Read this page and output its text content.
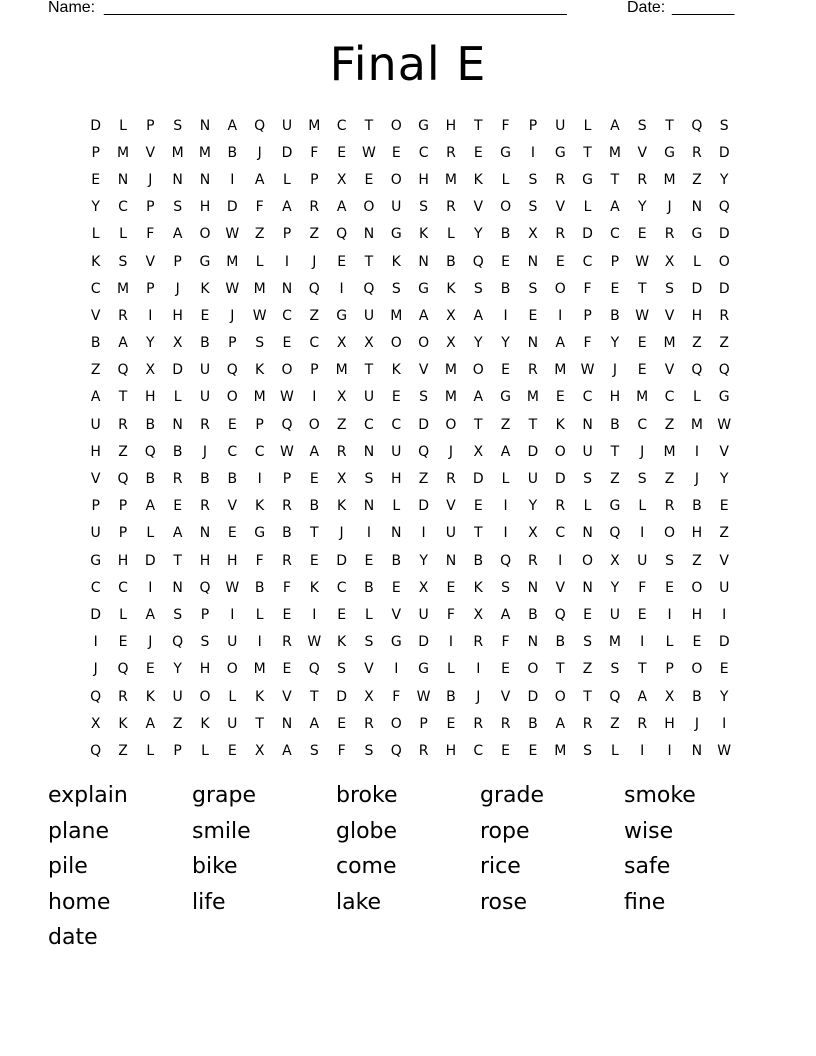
Name: ____________________________________________________	Date: _______
Final E
D	L	P	S	N	A	Q	U	M	C	T	O	G	H	T	F	P	U	L	A	S	T	Q	S
P	M	V	M	M	B	J	D	F	E	W	E	C	R	E	G	I	G	T	M	V	G	R	D
E	N	J	N	N	I	A	L	P	X	E	O	H	M	K	L	S	R	G	T	R	M	Z	Y
Y	C	P	S	H	D	F	A	R	A	O	U	S	R	V	O	S	V	L	A	Y	J	N	Q
L	L	F	A	O	W	Z	P	Z	Q	N	G	K	L	Y	B	X	R	D	C	E	R	G	D
K	S	V	P	G	M	L	I	J	E	T	K	N	B	Q	E	N	E	C	P	W	X	L	O
C	M	P	J	K	W	M	N	Q	I	Q	S	G	K	S	B	S	O	F	E	T	S	D	D
V	R	I	H	E	J	W	C	Z	G	U	M	A	X	A	I	E	I	P	B	W	V	H	R
B	A	Y	X	B	P	S	E	C	X	X	O	O	X	Y	Y	N	A	F	Y	E	M	Z	Z
Z	Q	X	D	U	Q	K	O	P	M	T	K	V	M	O	E	R	M	W	J	E	V	Q	Q
A	T	H	L	U	O	M	W	I	X	U	E	S	M	A	G	M	E	C	H	M	C	L	G
U	R	B	N	R	E	P	Q	O	Z	C	C	D	O	T	Z	T	K	N	B	C	Z	M	W
H	Z	Q	B	J	C	C	W	A	R	N	U	Q	J	X	A	D	O	U	T	J	M	I	V
V	Q	B	R	B	B	I	P	E	X	S	H	Z	R	D	L	U	D	S	Z	S	Z	J	Y
P	P	A	E	R	V	K	R	B	K	N	L	D	V	E	I	Y	R	L	G	L	R	B	E
U	P	L	A	N	E	G	B	T	J	I	N	I	U	T	I	X	C	N	Q	I	O	H	Z
G	H	D	T	H	H	F	R	E	D	E	B	Y	N	B	Q	R	I	O	X	U	S	Z	V
C	C	I	N	Q	W	B	F	K	C	B	E	X	E	K	S	N	V	N	Y	F	E	O	U
D	L	A	S	P	I	L	E	I	E	L	V	U	F	X	A	B	Q	E	U	E	I	H	I
I	E	J	Q	S	U	I	R	W	K	S	G	D	I	R	F	N	B	S	M	I	L	E	D
J	Q	E	Y	H	O	M	E	Q	S	V	I	G	L	I	E	O	T	Z	S	T	P	O	E
Q	R	K	U	O	L	K	V	T	D	X	F	W	B	J	V	D	O	T	Q	A	X	B	Y
X	K	A	Z	K	U	T	N	A	E	R	O	P	E	R	R	B	A	R	Z	R	H	J	I
Q	Z	L	P	L	E	X	A	S	F	S	Q	R	H	C	E	E	M	S	L	I	I	N	W
explain	grape	broke	grade	smoke
plane	smile	globe	rope	wise
pile	bike	come	rice	safe
home	life	lake	rose	fine
date
